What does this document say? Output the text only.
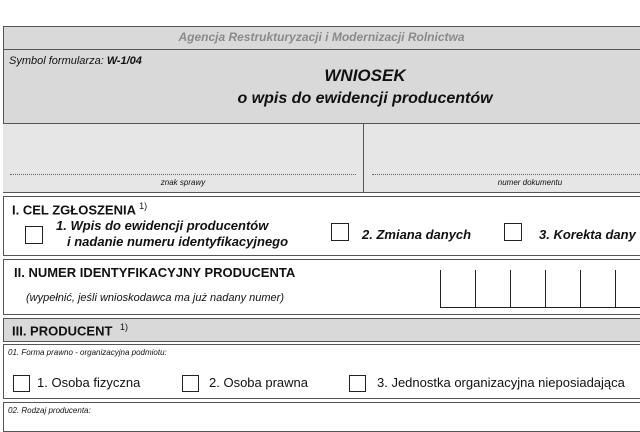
Agencja Restrukturyzacji i Modernizacji Rolnictwa
Symbol formularza: W-1/04
WNIOSEK
o wpis do ewidencji producentów
znak sprawy	numer dokumentu
I. CEL ZGŁOSZENIA $^{1)}$
1. Wpis do ewidencji producentów
i nadanie numeru identyfikacyjnego	2. Zmiana danych	3. Korekta dany
II. NUMER IDENTYFIKACYJNY PRODUCENTA
(wypełnić, jeśli wnioskodawca ma już nadany numer)
III. PRODUCENT $^{1)}$
01. Forma prawno - organizacyjna podmiotu:
1. Osoba fizyczna	2. Osoba prawna	3. Jednostka organizacyjna nieposiadająca
02. Rodzaj producenta:
